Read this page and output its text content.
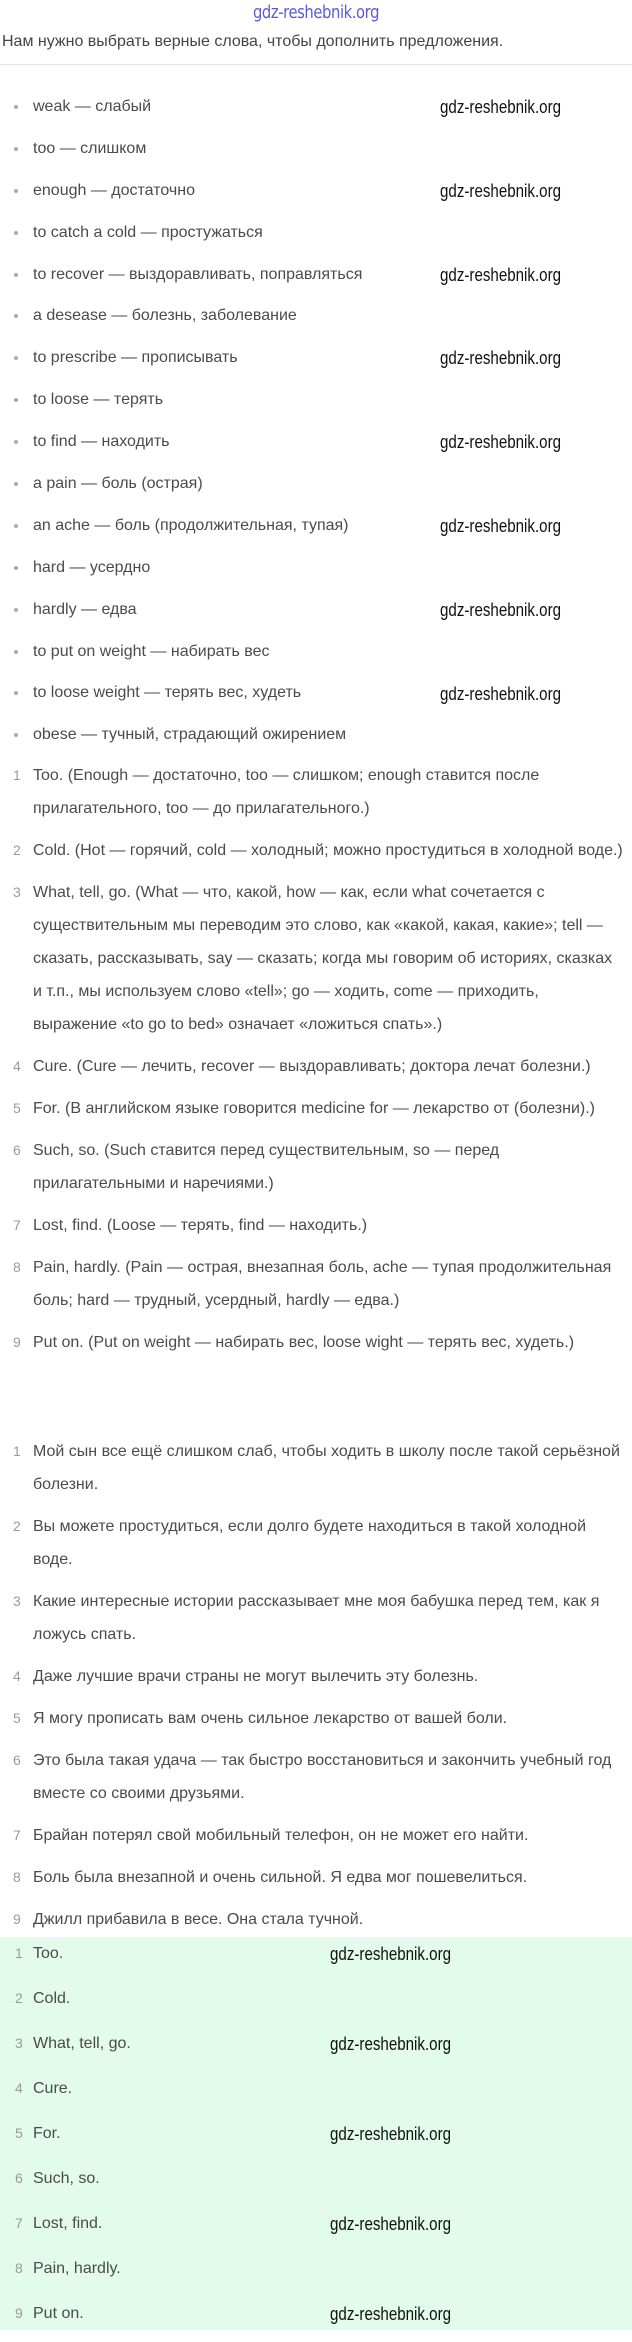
gdz-reshebnik.org
Нам нужно выбрать верные слова, чтобы дополнить предложения.
weak — слабый
too — слишком
enough — достаточно
to catch a cold — простужаться
to recover — выздоравливать, поправляться
a desease — болезнь, заболевание
to prescribe — прописывать
to loose — терять
to find — находить
a pain — боль (острая)
an ache — боль (продолжительная, тупая)
hard — усердно
hardly — едва
to put on weight — набирать вес
to loose weight — терять вес, худеть
obese — тучный, страдающий ожирением
1 Too. (Enough — достаточно, too — слишком; enough ставится после прилагательного, too — до прилагательного.)
2 Cold. (Hot — горячий, cold — холодный; можно простудиться в холодной воде.)
3 What, tell, go. (What — что, какой, how — как, если what сочетается с существительным мы переводим это слово, как «какой, какая, какие»; tell — сказать, рассказывать, say — сказать; когда мы говорим об историях, сказках и т.п., мы используем слово «tell»; go — ходить, come — приходить, выражение «to go to bed» означает «ложиться спать».)
4 Cure. (Cure — лечить, recover — выздоравливать; доктора лечат болезни.)
5 For. (В английском языке говорится medicine for — лекарство от (болезни).)
6 Such, so. (Such ставится перед существительным, so — перед прилагательными и наречиями.)
7 Lost, find. (Loose — терять, find — находить.)
8 Pain, hardly. (Pain — острая, внезапная боль, ache — тупая продолжительная боль; hard — трудный, усердный, hardly — едва.)
9 Put on. (Put on weight — набирать вес, loose wight — терять вес, худеть.)
1 Мой сын все ещё слишком слаб, чтобы ходить в школу после такой серьёзной болезни.
2 Вы можете простудиться, если долго будете находиться в такой холодной воде.
3 Какие интересные истории рассказывает мне моя бабушка перед тем, как я ложусь спать.
4 Даже лучшие врачи страны не могут вылечить эту болезнь.
5 Я могу прописать вам очень сильное лекарство от вашей боли.
6 Это была такая удача — так быстро восстановиться и закончить учебный год вместе со своими друзьями.
7 Брайан потерял свой мобильный телефон, он не может его найти.
8 Боль была внезапной и очень сильной. Я едва мог пошевелиться.
9 Джилл прибавила в весе. Она стала тучной.
1 Too.
2 Cold.
3 What, tell, go.
4 Cure.
5 For.
6 Such, so.
7 Lost, find.
8 Pain, hardly.
9 Put on.
gdz-reshebnik.org
gdz-reshebnik.org
gdz-reshebnik.org
gdz-reshebnik.org
gdz-reshebnik.org
gdz-reshebnik.org
gdz-reshebnik.org
gdz-reshebnik.org
gdz-reshebnik.org
gdz-reshebnik.org
gdz-reshebnik.org
gdz-reshebnik.org
gdz-reshebnik.org
